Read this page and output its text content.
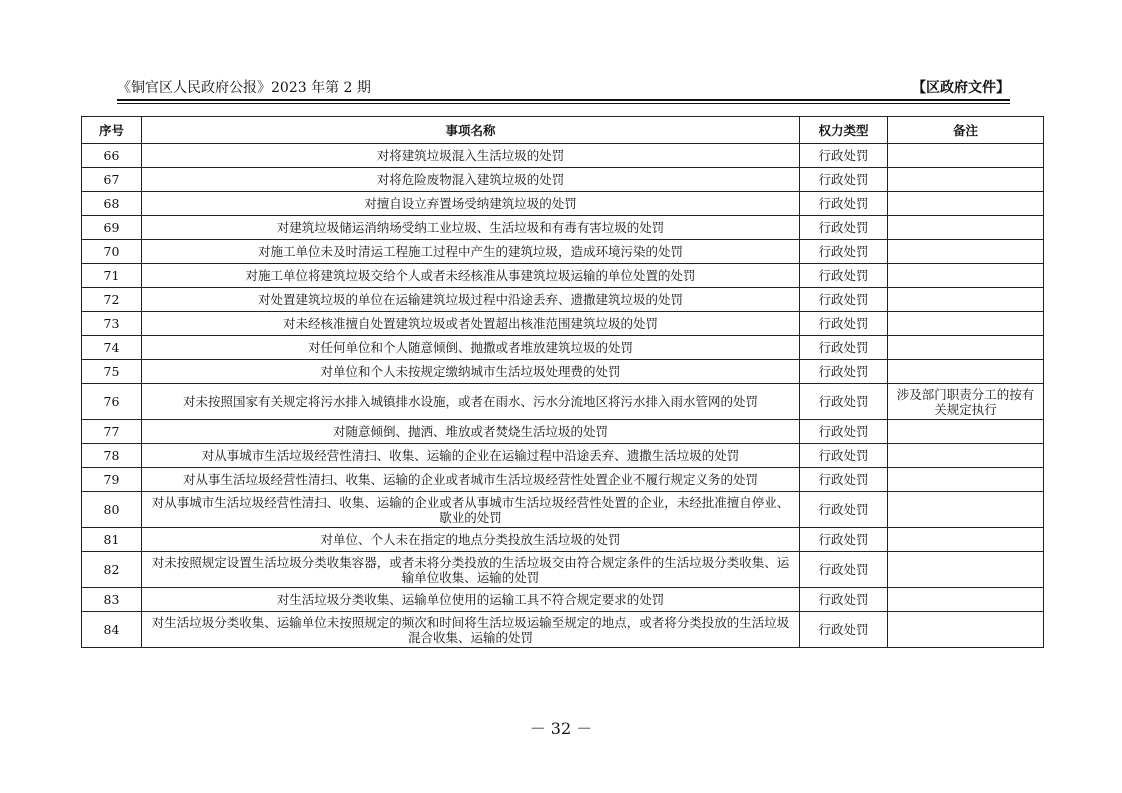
《铜官区人民政府公报》2023 年第 2 期	【区政府文件】
序号	事项名称	权力类型	备注
66	对将建筑垃圾混入生活垃圾的处罚	行政处罚	
67	对将危险废物混入建筑垃圾的处罚	行政处罚	
68	对擅自设立弃置场受纳建筑垃圾的处罚	行政处罚	
69	对建筑垃圾储运消纳场受纳工业垃圾、生活垃圾和有毒有害垃圾的处罚	行政处罚	
70	对施工单位未及时清运工程施工过程中产生的建筑垃圾，造成环境污染的处罚	行政处罚	
71	对施工单位将建筑垃圾交给个人或者未经核准从事建筑垃圾运输的单位处置的处罚	行政处罚	
72	对处置建筑垃圾的单位在运输建筑垃圾过程中沿途丢弃、遗撒建筑垃圾的处罚	行政处罚	
73	对未经核准擅自处置建筑垃圾或者处置超出核准范围建筑垃圾的处罚	行政处罚	
74	对任何单位和个人随意倾倒、抛撒或者堆放建筑垃圾的处罚	行政处罚	
75	对单位和个人未按规定缴纳城市生活垃圾处理费的处罚	行政处罚	
76	对未按照国家有关规定将污水排入城镇排水设施，或者在雨水、污水分流地区将污水排入雨水管网的处罚	行政处罚	涉及部门职责分工的按有关规定执行
77	对随意倾倒、抛洒、堆放或者焚烧生活垃圾的处罚	行政处罚	
78	对从事城市生活垃圾经营性清扫、收集、运输的企业在运输过程中沿途丢弃、遗撒生活垃圾的处罚	行政处罚	
79	对从事生活垃圾经营性清扫、收集、运输的企业或者城市生活垃圾经营性处置企业不履行规定义务的处罚	行政处罚	
80	对从事城市生活垃圾经营性清扫、收集、运输的企业或者从事城市生活垃圾经营性处置的企业，未经批准擅自停业、歇业的处罚	行政处罚	
81	对单位、个人未在指定的地点分类投放生活垃圾的处罚	行政处罚	
82	对未按照规定设置生活垃圾分类收集容器，或者未将分类投放的生活垃圾交由符合规定条件的生活垃圾分类收集、运输单位收集、运输的处罚	行政处罚	
83	对生活垃圾分类收集、运输单位使用的运输工具不符合规定要求的处罚	行政处罚	
84	对生活垃圾分类收集、运输单位未按照规定的频次和时间将生活垃圾运输至规定的地点，或者将分类投放的生活垃圾混合收集、运输的处罚	行政处罚	
－ 32 －
